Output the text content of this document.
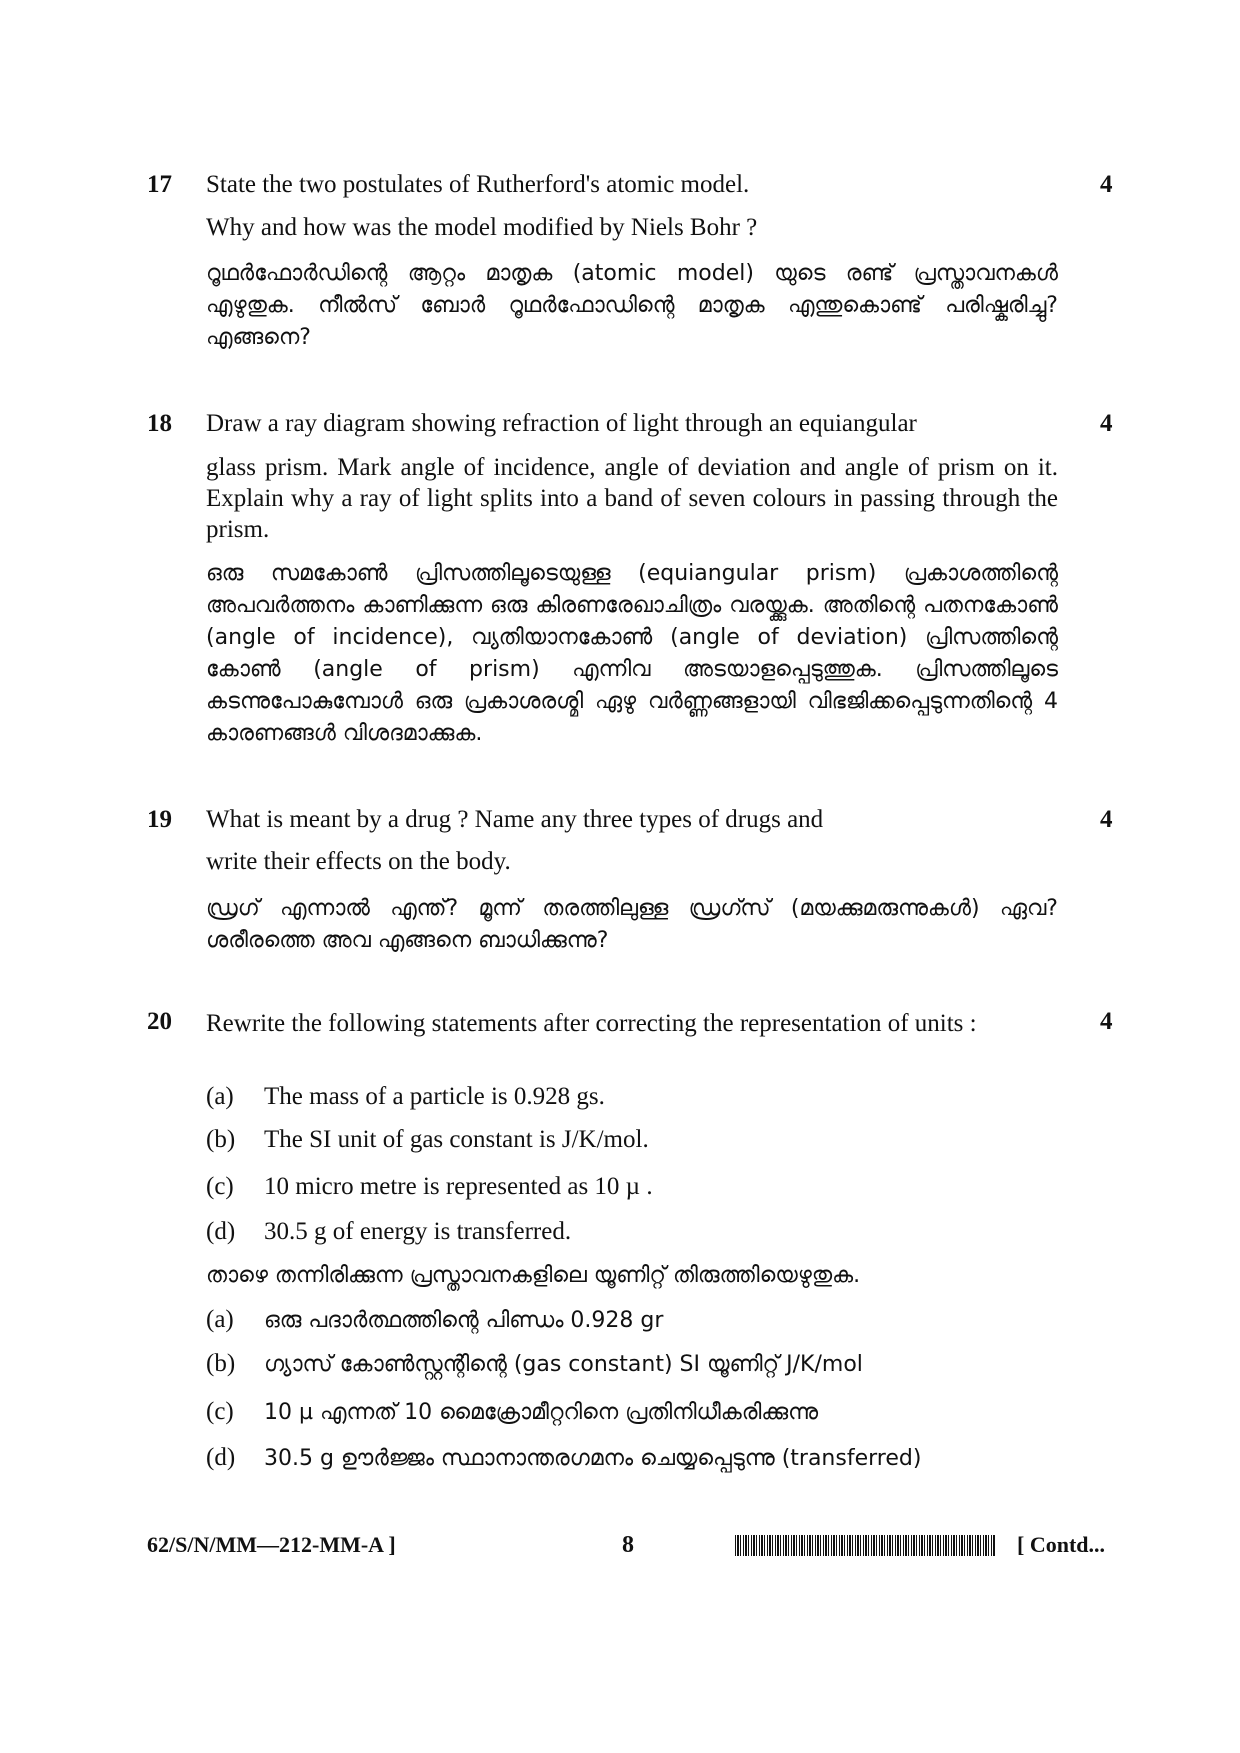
17	4
State the two postulates of Rutherford's atomic model.
Why and how was the model modified by Niels Bohr ?
റൂഥർഫോർഡിന്റെ ആറ്റം മാതൃക (atomic model) യുടെ രണ്ട് പ്രസ്താവനകൾ എഴുതുക. നീൽസ് ബോർ റൂഥർഫോഡിന്റെ മാതൃക എന്തുകൊണ്ട് പരിഷ്കരിച്ചു? എങ്ങനെ?
18	4
Draw a ray diagram showing refraction of light through an equiangular
glass prism. Mark angle of incidence, angle of deviation and angle of prism on it. Explain why a ray of light splits into a band of seven colours in passing through the prism.
ഒരു സമകോൺ പ്രിസത്തിലൂടെയുള്ള (equiangular prism) പ്രകാശത്തിന്റെ അപവർത്തനം കാണിക്കുന്ന ഒരു കിരണരേഖാചിത്രം വരയ്ക്കുക. അതിന്റെ പതനകോൺ (angle of incidence), വ്യതിയാനകോൺ (angle of deviation) പ്രിസത്തിന്റെ കോൺ (angle of prism) എന്നിവ അടയാളപ്പെടുത്തുക. പ്രിസത്തിലൂടെ കടന്നുപോകുമ്പോൾ ഒരു പ്രകാശരശ്മി ഏഴു വർണ്ണങ്ങളായി വിഭജിക്കപ്പെടുന്നതിന്റെ 4 കാരണങ്ങൾ വിശദമാക്കുക.
19	4
What is meant by a drug ? Name any three types of drugs and
write their effects on the body.
ഡ്രഗ് എന്നാൽ എന്ത്? മൂന്ന് തരത്തിലുള്ള ഡ്രഗ്സ് (മയക്കുമരുന്നുകൾ) ഏവ? ശരീരത്തെ അവ എങ്ങനെ ബാധിക്കുന്നു?
20	4
Rewrite the following statements after correcting the representation of units :
(a) The mass of a particle is 0.928 gs.
(b) The SI unit of gas constant is J/K/mol.
(c) 10 micro metre is represented as 10 µ .
(d) 30.5 g of energy is transferred.
താഴെ തന്നിരിക്കുന്ന പ്രസ്താവനകളിലെ യൂണിറ്റ് തിരുത്തിയെഴുതുക.
(a) ഒരു പദാർത്ഥത്തിന്റെ പിണ്ഡം 0.928 gr
(b) ഗ്യാസ് കോൺസ്റ്റന്റിന്റെ (gas constant) SI യൂണിറ്റ് J/K/mol
(c) 10 µ എന്നത് 10 മൈക്രോമീറ്ററിനെ പ്രതിനിധീകരിക്കുന്നു
(d) 30.5 g ഊർജ്ജം സ്ഥാനാന്തരഗമനം ചെയ്യപ്പെടുന്നു (transferred)
62/S/N/MM—212-MM-A ]	8	[ Contd...
